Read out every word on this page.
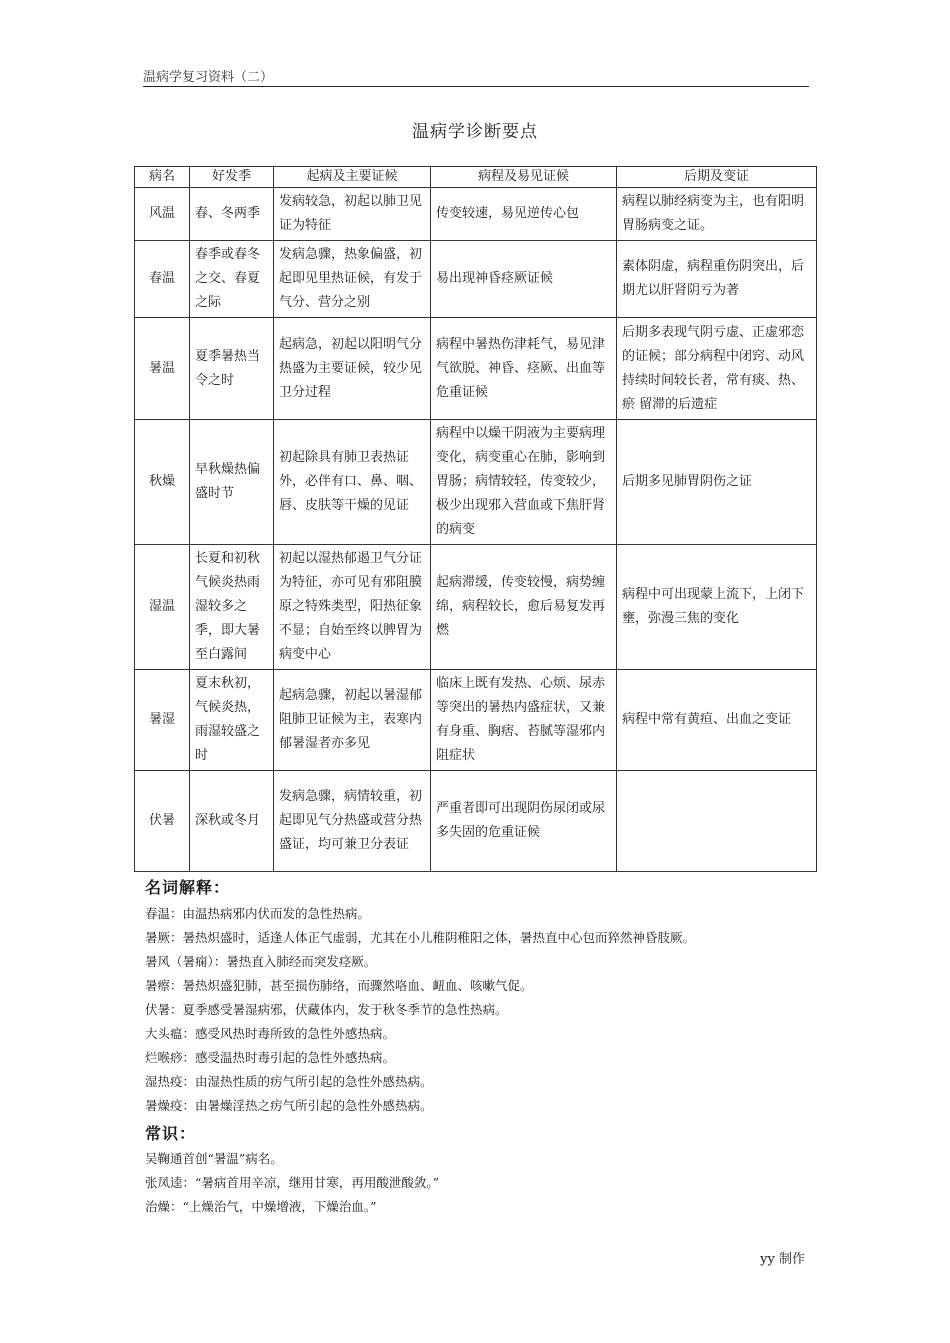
温病学复习资料（二）
温病学诊断要点
病名	好发季	起病及主要证候	病程及易见证候	后期及变证
风温	春、冬两季	发病较急，初起以肺卫见证为特征	传变较速，易见逆传心包	病程以肺经病变为主，也有阳明胃肠病变之证。
春温	春季或春冬之交、春夏之际	发病急骤，热象偏盛，初起即见里热证候，有发于气分、营分之别	易出现神昏痉厥证候	素体阴虚，病程重伤阴突出，后期尤以肝肾阴亏为著
暑温	夏季暑热当令之时	起病急，初起以阳明气分热盛为主要证候，较少见卫分过程	病程中暑热伤津耗气，易见津气欲脱、神昏、痉厥、出血等危重证候	后期多表现气阴亏虚、正虚邪恋的证候；部分病程中闭窍、动风持续时间较长者，常有痰、热、瘀 留滞的后遗症
秋燥	早秋燥热偏盛时节	初起除具有肺卫表热证外，必伴有口、鼻、咽、唇、皮肤等干燥的见证	病程中以燥干阴液为主要病理变化，病变重心在肺，影响到胃肠；病情较轻，传变较少，极少出现邪入营血或下焦肝肾的病变	后期多见肺胃阴伤之证
湿温	长夏和初秋气候炎热雨湿较多之季，即大暑至白露间	初起以湿热郁遏卫气分证为特征，亦可见有邪阻膜原之特殊类型，阳热征象不显；自始至终以脾胃为病变中心	起病滞缓，传变较慢，病势缠绵，病程较长，愈后易复发再燃	病程中可出现蒙上流下，上闭下壅，弥漫三焦的变化
暑湿	夏末秋初，气候炎热，雨湿较盛之时	起病急骤，初起以暑湿郁阻肺卫证候为主，表寒内郁暑湿者亦多见	临床上既有发热、心烦、尿赤等突出的暑热内盛症状，又兼有身重、胸痞、苔腻等湿邪内阻症状	病程中常有黄疸、出血之变证
伏暑	深秋或冬月	发病急骤，病情较重，初起即见气分热盛或营分热盛证，均可兼卫分表证	严重者即可出现阴伤尿闭或尿多失固的危重证候	
名词解释：
春温：由温热病邪内伏而发的急性热病。
暑厥：暑热炽盛时，适逢人体正气虚弱，尤其在小儿稚阴稚阳之体，暑热直中心包而猝然神昏肢厥。
暑风（暑痫）：暑热直入肺经而突发痉厥。
暑瘵：暑热炽盛犯肺，甚至损伤肺络，而骤然咯血、衄血、咳嗽气促。
伏暑：夏季感受暑湿病邪，伏藏体内，发于秋冬季节的急性热病。
大头瘟：感受风热时毒所致的急性外感热病。
烂喉痧：感受温热时毒引起的急性外感热病。
湿热疫：由湿热性质的疠气所引起的急性外感热病。
暑燥疫：由暑燥淫热之疠气所引起的急性外感热病。
常识：
吴鞠通首创“暑温”病名。
张凤逵：“暑病首用辛凉，继用甘寒，再用酸泄酸敛。”
治燥：“上燥治气，中燥增液，下燥治血。”
yy 制作
